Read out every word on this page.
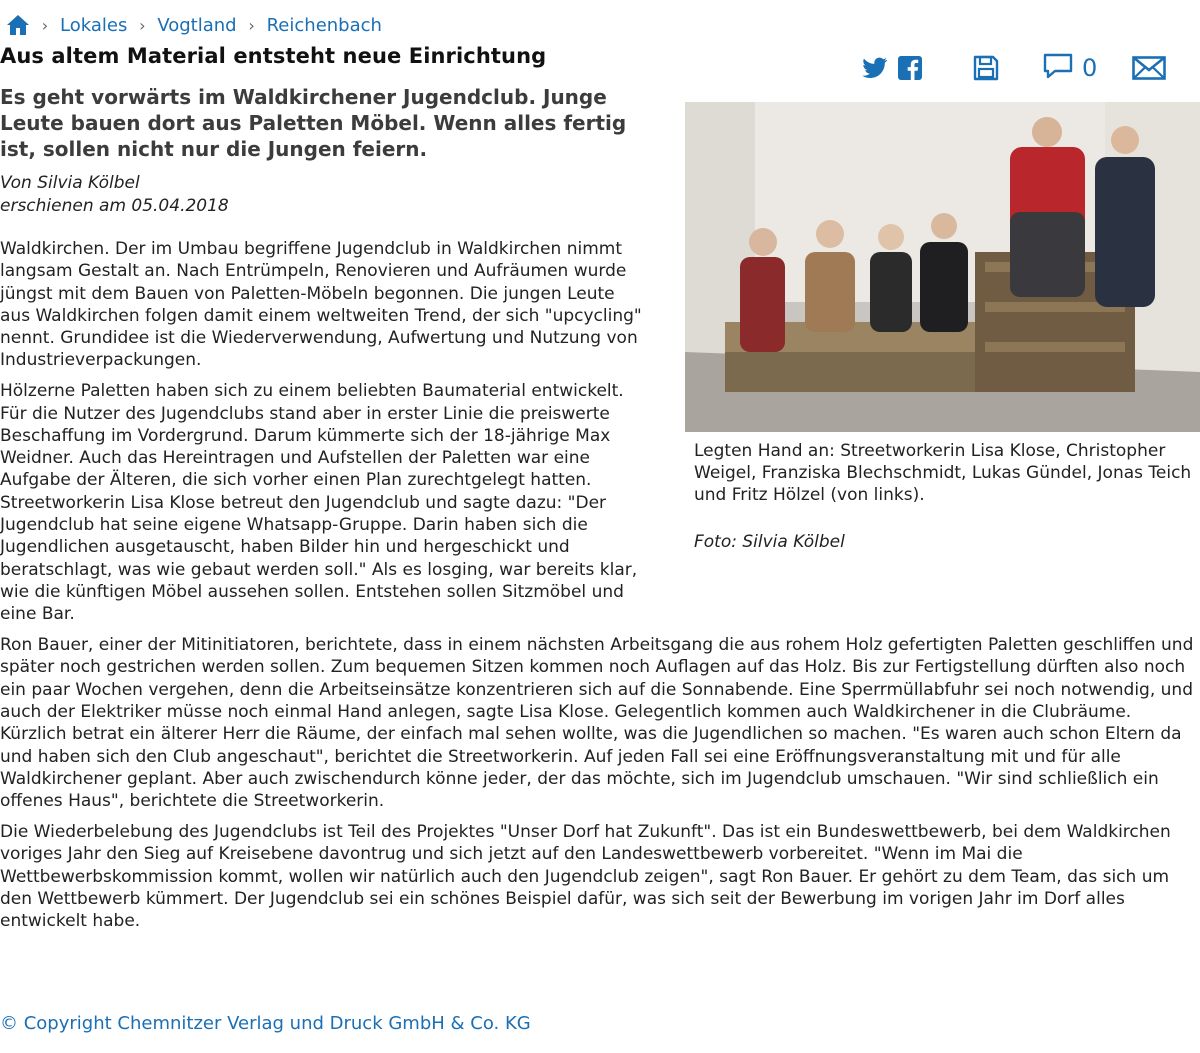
› Lokales › Vogtland › Reichenbach
Aus altem Material entsteht neue Einrichtung	0

Es geht vorwärts im Waldkirchener Jugendclub. Junge Leute bauen dort aus Paletten Möbel. Wenn alles fertig ist, sollen nicht nur die Jungen feiern.

Von Silvia Kölbel
erschienen am 05.04.2018
Legten Hand an: Streetworkerin Lisa Klose, Christopher Weigel, Franziska Blechschmidt, Lukas Gündel, Jonas Teich und Fritz Hölzel (von links).
Foto: Silvia Kölbel

Waldkirchen. Der im Umbau begriffene Jugendclub in Waldkirchen nimmt langsam Gestalt an. Nach Entrümpeln, Renovieren und Aufräumen wurde jüngst mit dem Bauen von Paletten-Möbeln begonnen. Die jungen Leute aus Waldkirchen folgen damit einem weltweiten Trend, der sich "upcycling" nennt. Grundidee ist die Wiederverwendung, Aufwertung und Nutzung von Industrieverpackungen.

Hölzerne Paletten haben sich zu einem beliebten Baumaterial entwickelt. Für die Nutzer des Jugendclubs stand aber in erster Linie die preiswerte Beschaffung im Vordergrund. Darum kümmerte sich der 18-jährige Max Weidner. Auch das Hereintragen und Aufstellen der Paletten war eine Aufgabe der Älteren, die sich vorher einen Plan zurechtgelegt hatten. Streetworkerin Lisa Klose betreut den Jugendclub und sagte dazu: "Der Jugendclub hat seine eigene Whatsapp-Gruppe. Darin haben sich die Jugendlichen ausgetauscht, haben Bilder hin und hergeschickt und beratschlagt, was wie gebaut werden soll." Als es losging, war bereits klar, wie die künftigen Möbel aussehen sollen. Entstehen sollen Sitzmöbel und eine Bar.

Ron Bauer, einer der Mitinitiatoren, berichtete, dass in einem nächsten Arbeitsgang die aus rohem Holz gefertigten Paletten geschliffen und später noch gestrichen werden sollen. Zum bequemen Sitzen kommen noch Auflagen auf das Holz. Bis zur Fertigstellung dürften also noch ein paar Wochen vergehen, denn die Arbeitseinsätze konzentrieren sich auf die Sonnabende. Eine Sperrmüllabfuhr sei noch notwendig, und auch der Elektriker müsse noch einmal Hand anlegen, sagte Lisa Klose. Gelegentlich kommen auch Waldkirchener in die Clubräume. Kürzlich betrat ein älterer Herr die Räume, der einfach mal sehen wollte, was die Jugendlichen so machen. "Es waren auch schon Eltern da und haben sich den Club angeschaut", berichtet die Streetworkerin. Auf jeden Fall sei eine Eröffnungsveranstaltung mit und für alle Waldkirchener geplant. Aber auch zwischendurch könne jeder, der das möchte, sich im Jugendclub umschauen. "Wir sind schließlich ein offenes Haus", berichtete die Streetworkerin.

Die Wiederbelebung des Jugendclubs ist Teil des Projektes "Unser Dorf hat Zukunft". Das ist ein Bundeswettbewerb, bei dem Waldkirchen voriges Jahr den Sieg auf Kreisebene davontrug und sich jetzt auf den Landeswettbewerb vorbereitet. "Wenn im Mai die Wettbewerbskommission kommt, wollen wir natürlich auch den Jugendclub zeigen", sagt Ron Bauer. Er gehört zu dem Team, das sich um den Wettbewerb kümmert. Der Jugendclub sei ein schönes Beispiel dafür, was sich seit der Bewerbung im vorigen Jahr im Dorf alles entwickelt habe.

© Copyright Chemnitzer Verlag und Druck GmbH & Co. KG
